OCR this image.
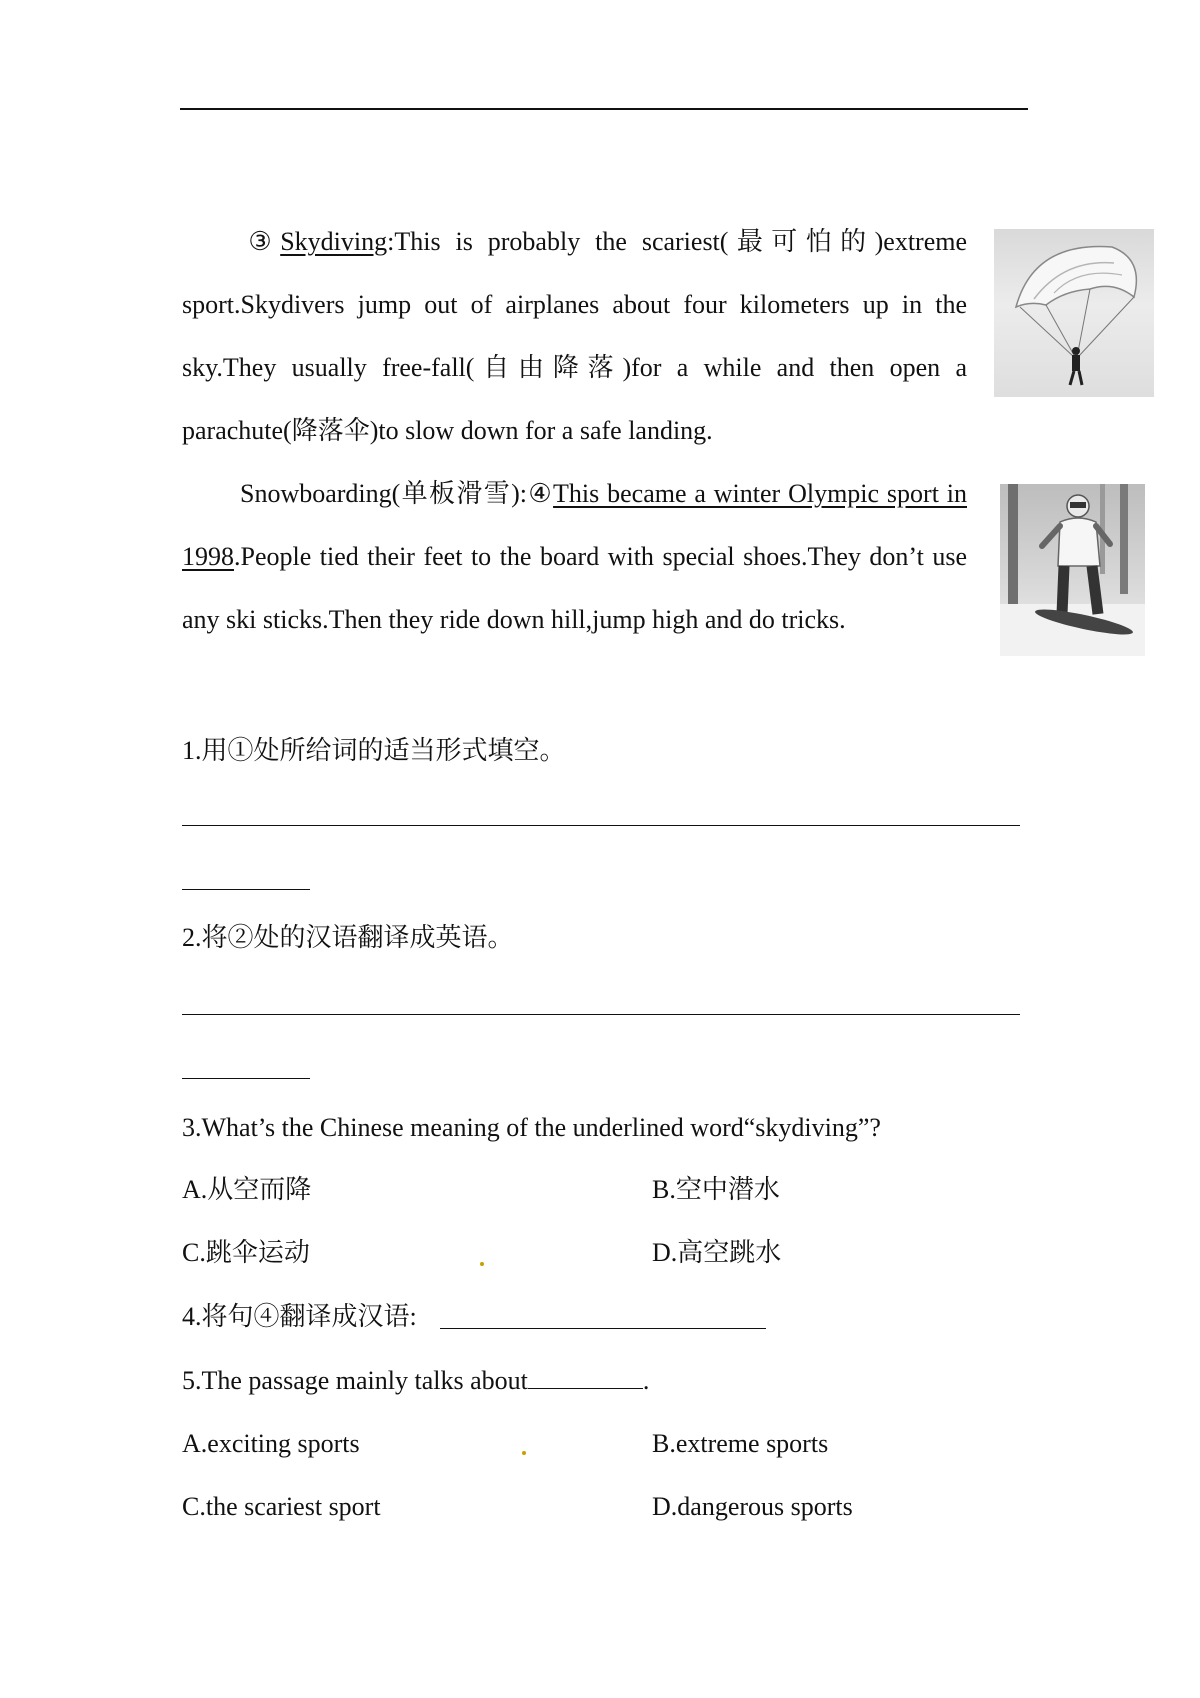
③Skydiving:This is probably the scariest(最可怕的)extreme sport.Skydivers jump out of airplanes about four kilometers up in the sky.They usually free-fall(自由降落)for a while and then open a parachute(降落伞)to slow down for a safe landing.

Snowboarding(单板滑雪):④This became a winter Olympic sport in 1998.People tied their feet to the board with special shoes.They don’t use any ski sticks.Then they ride down hill,jump high and do tricks.

1.用①处所给词的适当形式填空。

2.将②处的汉语翻译成英语。

3.What’s the Chinese meaning of the underlined word“skydiving”?

A.从空而降	B.空中潜水

C.跳伞运动	D.高空跳水

4.将句④翻译成汉语:

5.The passage mainly talks about	.

A.exciting sports	B.extreme sports

C.the scariest sport	D.dangerous sports
